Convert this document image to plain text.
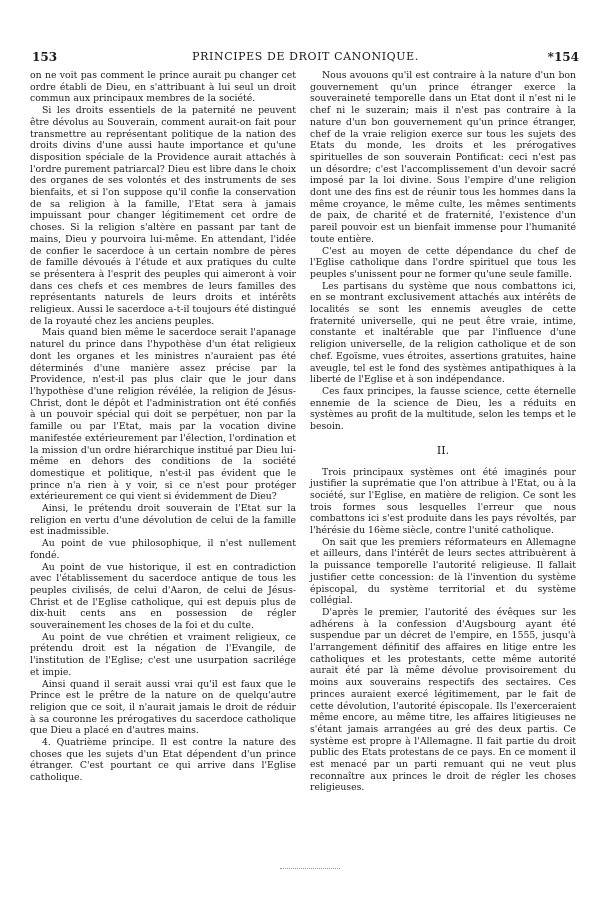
153	PRINCIPES DE DROIT CANONIQUE.	*154

on ne voit pas comment le prince aurait pu changer cet ordre établi de Dieu, en s'attribuant à lui seul un droit commun aux principaux membres de la société.

Si les droits essentiels de la paternité ne peuvent être dévolus au Souverain, comment aurait-on fait pour transmettre au représentant politique de la nation des droits divins d'une aussi haute importance et qu'une disposition spéciale de la Providence aurait attachés à l'ordre purement patriarcal? Dieu est libre dans le choix des organes de ses volontés et des instruments de ses bienfaits, et si l'on suppose qu'il confie la conservation de sa religion à la famille, l'Etat sera à jamais impuissant pour changer légitimement cet ordre de choses. Si la religion s'altère en passant par tant de mains, Dieu y pourvoira lui-même. En attendant, l'idée de confier le sacerdoce à un certain nombre de pères de famille dévoués à l'étude et aux pratiques du culte se présentera à l'esprit des peuples qui aimeront à voir dans ces chefs et ces membres de leurs familles des représentants naturels de leurs droits et intérêts religieux. Aussi le sacerdoce a-t-il toujours été distingué de la royauté chez les anciens peuples.

Mais quand bien même le sacerdoce serait l'apanage naturel du prince dans l'hypothèse d'un état religieux dont les organes et les ministres n'auraient pas été déterminés d'une manière assez précise par la Providence, n'est-il pas plus clair que le jour dans l'hypothèse d'une religion révélée, la religion de Jésus-Christ, dont le dépôt et l'administration ont été confiés à un pouvoir spécial qui doit se perpétuer, non par la famille ou par l'Etat, mais par la vocation divine manifestée extérieurement par l'élection, l'ordination et la mission d'un ordre hiérarchique institué par Dieu lui-même en dehors des conditions de la société domestique et politique, n'est-il pas évident que le prince n'a rien à y voir, si ce n'est pour protéger extérieurement ce qui vient si évidemment de Dieu?

Ainsi, le prétendu droit souverain de l'Etat sur la religion en vertu d'une dévolution de celui de la famille est inadmissible.

Au point de vue philosophique, il n'est nullement fondé.

Au point de vue historique, il est en contradiction avec l'établissement du sacerdoce antique de tous les peuples civilisés, de celui d'Aaron, de celui de Jésus-Christ et de l'Eglise catholique, qui est depuis plus de dix-huit cents ans en possession de régler souverainement les choses de la foi et du culte.

Au point de vue chrétien et vraiment religieux, ce prétendu droit est la négation de l'Evangile, de l'institution de l'Eglise; c'est une usurpation sacrilége et impie.

Ainsi quand il serait aussi vrai qu'il est faux que le Prince est le prêtre de la nature on de quelqu'autre religion que ce soit, il n'aurait jamais le droit de réduir à sa couronne les prérogatives du sacerdoce catholique que Dieu a placé en d'autres mains.

4. Quatrième principe. Il est contre la nature des choses que les sujets d'un Etat dépendent d'un prince étranger. C'est pourtant ce qui arrive dans l'Eglise catholique.

Nous avouons qu'il est contraire à la nature d'un bon gouvernement qu'un prince étranger exerce la souveraineté temporelle dans un Etat dont il n'est ni le chef ni le suzerain; mais il n'est pas contraire à la nature d'un bon gouvernement qu'un prince étranger, chef de la vraie religion exerce sur tous les sujets des Etats du monde, les droits et les prérogatives spirituelles de son souverain Pontificat: ceci n'est pas un désordre; c'est l'accomplissement d'un devoir sacré imposé par la loi divine. Sous l'empire d'une religion dont une des fins est de réunir tous les hommes dans la même croyance, le même culte, les mêmes sentiments de paix, de charité et de fraternité, l'existence d'un pareil pouvoir est un bienfait immense pour l'humanité toute entière.

C'est au moyen de cette dépendance du chef de l'Eglise catholique dans l'ordre spirituel que tous les peuples s'unissent pour ne former qu'une seule famille.

Les partisans du système que nous combattons ici, en se montrant exclusivement attachés aux intérêts de localités se sont les ennemis aveugles de cette fraternité universelle, qui ne peut être vraie, intime, constante et inaltérable que par l'influence d'une religion universelle, de la religion catholique et de son chef. Egoïsme, vues étroites, assertions gratuites, haine aveugle, tel est le fond des systèmes antipathiques à la liberté de l'Eglise et à son indépendance.

Ces faux principes, la fausse science, cette éternelle ennemie de la science de Dieu, les a réduits en systèmes au profit de la multitude, selon les temps et le besoin.

II.

Trois principaux systèmes ont été imaginés pour justifier la suprématie que l'on attribue à l'Etat, ou à la société, sur l'Eglise, en matière de religion. Ce sont les trois formes sous lesquelles l'erreur que nous combattons ici s'est produite dans les pays révoltés, par l'hérésie du 16ème siècle, contre l'unité catholique.

On sait que les premiers réformateurs en Allemagne et ailleurs, dans l'intérêt de leurs sectes attribuèrent à la puissance temporelle l'autorité religieuse. Il fallait justifier cette concession: de là l'invention du système épiscopal, du système territorial et du système collégial.

D'après le premier, l'autorité des évêques sur les adhérens à la confession d'Augsbourg ayant été suspendue par un décret de l'empire, en 1555, jusqu'à l'arrangement définitif des affaires en litige entre les catholiques et les protestants, cette même autorité aurait été par là même dévolue provisoirement du moins aux souverains respectifs des sectaires. Ces princes auraient exercé légitimement, par le fait de cette dévolution, l'autorité épiscopale. Ils l'exerceraient même encore, au même titre, les affaires litigieuses ne s'étant jamais arrangées au gré des deux partis. Ce système est propre à l'Allemagne. Il fait partie du droit public des Etats protestans de ce pays. En ce moment il est menacé par un parti remuant qui ne veut plus reconnaître aux princes le droit de régler les choses religieuses.
